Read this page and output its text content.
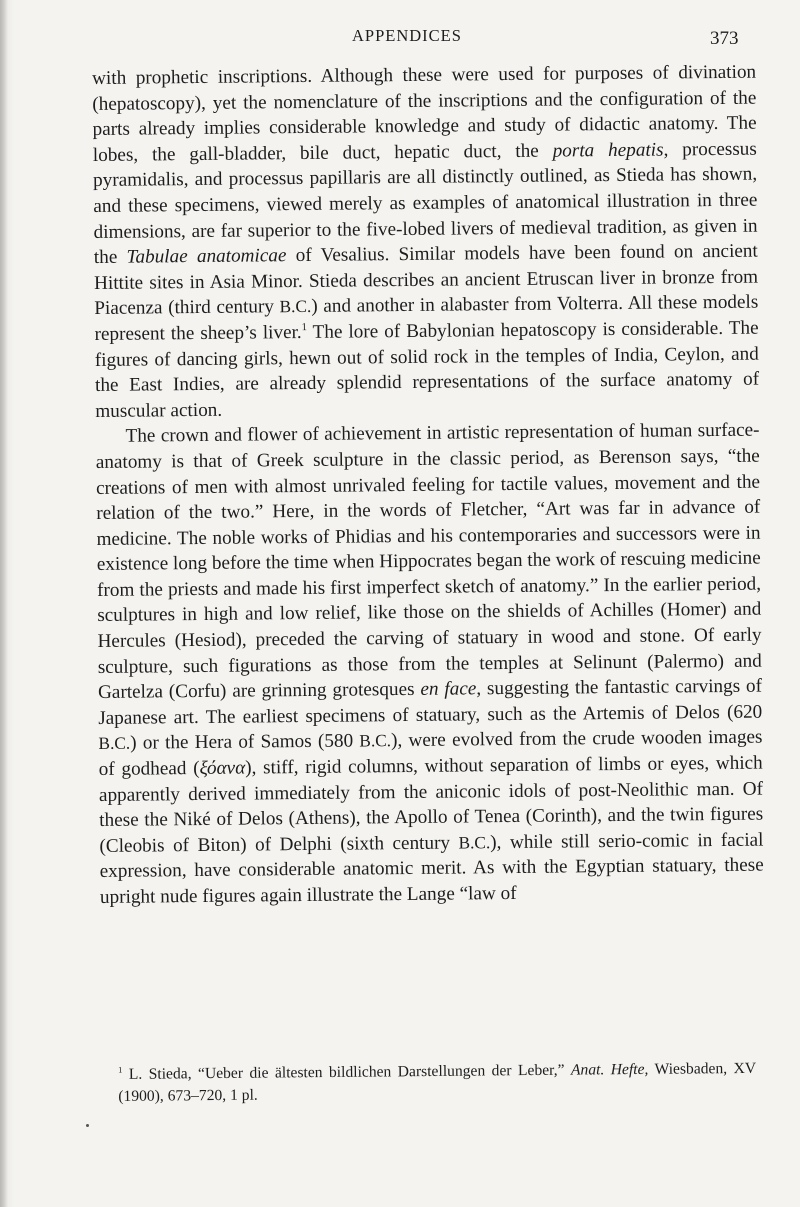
APPENDICES	373

with prophetic inscriptions. Although these were used for purposes of divination (hepatoscopy), yet the nomenclature of the inscriptions and the configuration of the parts already implies considerable knowledge and study of didactic anatomy. The lobes, the gall-bladder, bile duct, hepatic duct, the porta hepatis, processus pyramidalis, and processus papillaris are all distinctly outlined, as Stieda has shown, and these specimens, viewed merely as examples of anatomical illustration in three dimensions, are far superior to the five-lobed livers of medieval tradition, as given in the Tabulae anatomicae of Vesalius. Similar models have been found on ancient Hittite sites in Asia Minor. Stieda describes an ancient Etruscan liver in bronze from Piacenza (third century B.C.) and another in alabaster from Volterra. All these models represent the sheep’s liver.$^1$ The lore of Babylonian hepatoscopy is considerable. The figures of dancing girls, hewn out of solid rock in the temples of India, Ceylon, and the East Indies, are already splendid representations of the surface anatomy of muscular action.

The crown and flower of achievement in artistic representation of human surface-anatomy is that of Greek sculpture in the classic period, as Berenson says, “the creations of men with almost unrivaled feeling for tactile values, movement and the relation of the two.” Here, in the words of Fletcher, “Art was far in advance of medicine. The noble works of Phidias and his contemporaries and successors were in existence long before the time when Hippocrates began the work of rescuing medicine from the priests and made his first imperfect sketch of anatomy.” In the earlier period, sculptures in high and low relief, like those on the shields of Achilles (Homer) and Hercules (Hesiod), preceded the carving of statuary in wood and stone. Of early sculpture, such figurations as those from the temples at Selinunt (Palermo) and Gartelza (Corfu) are grinning grotesques en face, suggesting the fantastic carvings of Japanese art. The earliest specimens of statuary, such as the Artemis of Delos (620 B.C.) or the Hera of Samos (580 B.C.), were evolved from the crude wooden images of godhead (ξόανα), stiff, rigid columns, without separation of limbs or eyes, which apparently derived immediately from the aniconic idols of post-Neolithic man. Of these the Niké of Delos (Athens), the Apollo of Tenea (Corinth), and the twin figures (Cleobis of Biton) of Delphi (sixth century B.C.), while still serio-comic in facial expression, have considerable anatomic merit. As with the Egyptian statuary, these upright nude figures again illustrate the Lange “law of

$^1$ L. Stieda, “Ueber die ältesten bildlichen Darstellungen der Leber,” Anat. Hefte, Wiesbaden, XV (1900), 673–720, 1 pl.
